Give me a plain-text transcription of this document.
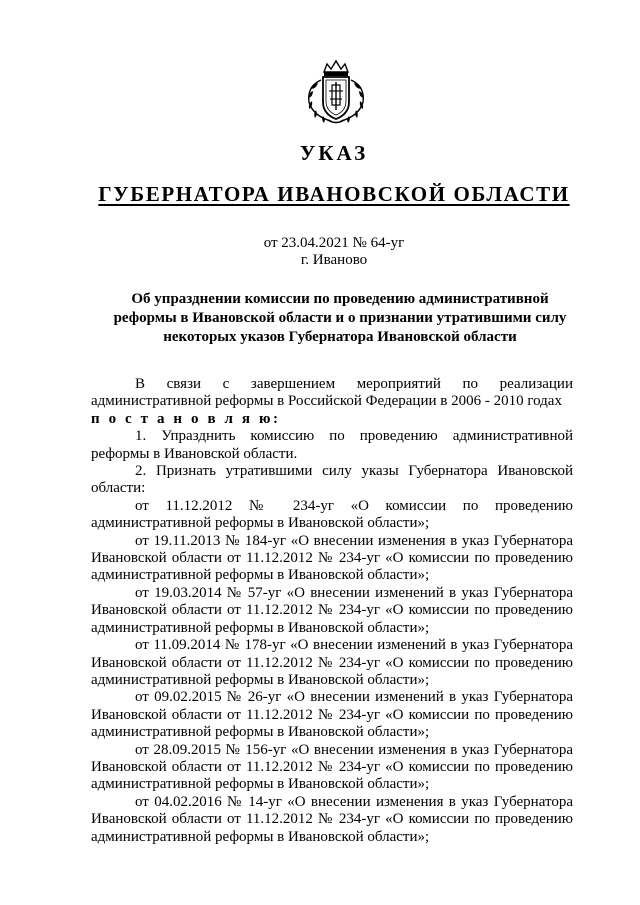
УКАЗ
ГУБЕРНАТОРА ИВАНОВСКОЙ ОБЛАСТИ
от 23.04.2021 № 64-уг
г. Иваново
Об упразднении комиссии по проведению административной
реформы в Ивановской области и о признании утратившими силу
некоторых указов Губернатора Ивановской области

В связи с завершением мероприятий по реализации административной реформы в Российской Федерации в 2006 - 2010 годах

п о с т а н о в л я ю:

1. Упразднить комиссию по проведению административной реформы в Ивановской области.

2. Признать утратившими силу указы Губернатора Ивановской области:

от 11.12.2012 № 234-уг «О комиссии по проведению административной реформы в Ивановской области»;

от 19.11.2013 № 184-уг «О внесении изменения в указ Губернатора Ивановской области от 11.12.2012 № 234-уг «О комиссии по проведению административной реформы в Ивановской области»;

от 19.03.2014 № 57-уг «О внесении изменений в указ Губернатора Ивановской области от 11.12.2012 № 234-уг «О комиссии по проведению административной реформы в Ивановской области»;

от 11.09.2014 № 178-уг «О внесении изменений в указ Губернатора Ивановской области от 11.12.2012 № 234-уг «О комиссии по проведению административной реформы в Ивановской области»;

от 09.02.2015 № 26-уг «О внесении изменений в указ Губернатора Ивановской области от 11.12.2012 № 234-уг «О комиссии по проведению административной реформы в Ивановской области»;

от 28.09.2015 № 156-уг «О внесении изменения в указ Губернатора Ивановской области от 11.12.2012 № 234-уг «О комиссии по проведению административной реформы в Ивановской области»;

от 04.02.2016 № 14-уг «О внесении изменения в указ Губернатора Ивановской области от 11.12.2012 № 234-уг «О комиссии по проведению административной реформы в Ивановской области»;
